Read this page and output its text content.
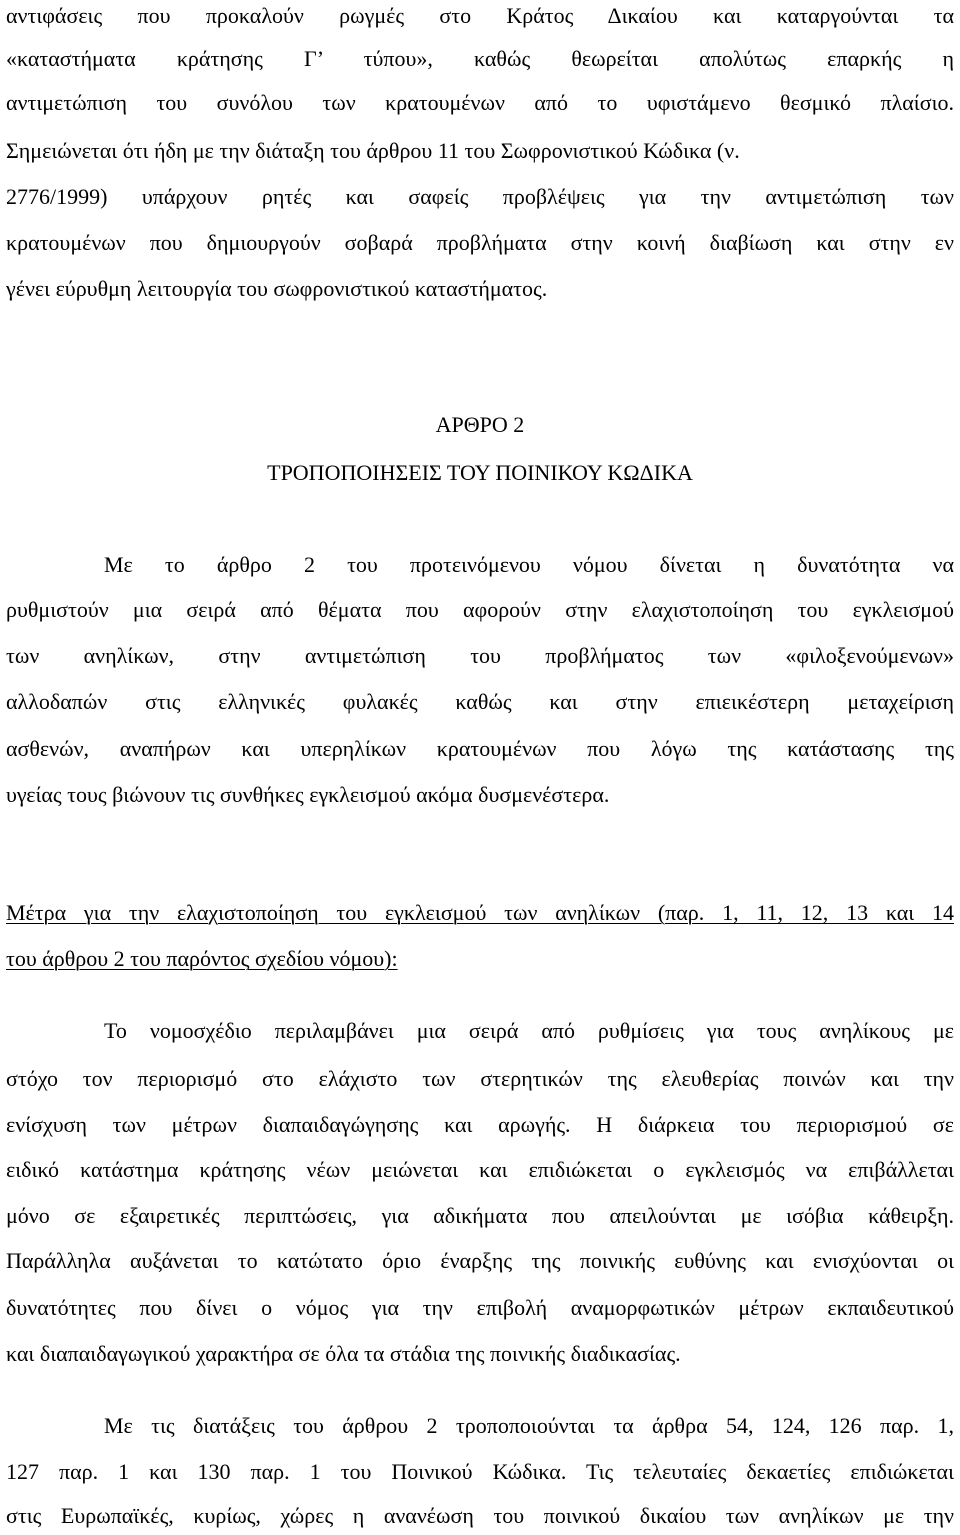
αντιφάσεις που προκαλούν ρωγμές στο Κράτος Δικαίου και καταργούνται τα
«καταστήματα κράτησης Γ’ τύπου», καθώς θεωρείται απολύτως επαρκής η
αντιμετώπιση του συνόλου των κρατουμένων από το υφιστάμενο θεσμικό πλαίσιο.
Σημειώνεται ότι ήδη με την διάταξη του άρθρου 11 του Σωφρονιστικού Κώδικα (ν.
2776/1999) υπάρχουν ρητές και σαφείς προβλέψεις για την αντιμετώπιση των
κρατουμένων που δημιουργούν σοβαρά προβλήματα στην κοινή διαβίωση και στην εν
γένει εύρυθμη λειτουργία του σωφρονιστικού καταστήματος.
ΑΡΘΡΟ 2
ΤΡΟΠΟΠΟΙΗΣΕΙΣ ΤΟΥ ΠΟΙΝΙΚΟΥ ΚΩΔΙΚΑ
Με το άρθρο 2 του προτεινόμενου νόμου δίνεται η δυνατότητα να
ρυθμιστούν μια σειρά από θέματα που αφορούν στην ελαχιστοποίηση του εγκλεισμού
των ανηλίκων, στην αντιμετώπιση του προβλήματος των «φιλοξενούμενων»
αλλοδαπών στις ελληνικές φυλακές καθώς και στην επιεικέστερη μεταχείριση
ασθενών, αναπήρων και υπερηλίκων κρατουμένων που λόγω της κατάστασης της
υγείας τους βιώνουν τις συνθήκες εγκλεισμού ακόμα δυσμενέστερα.
Μέτρα για την ελαχιστοποίηση του εγκλεισμού των ανηλίκων (παρ. 1, 11, 12, 13 και 14
του άρθρου 2 του παρόντος σχεδίου νόμου):
Το νομοσχέδιο περιλαμβάνει μια σειρά από ρυθμίσεις για τους ανηλίκους με
στόχο τον περιορισμό στο ελάχιστο των στερητικών της ελευθερίας ποινών και την
ενίσχυση των μέτρων διαπαιδαγώγησης και αρωγής. Η διάρκεια του περιορισμού σε
ειδικό κατάστημα κράτησης νέων μειώνεται και επιδιώκεται ο εγκλεισμός να επιβάλλεται
μόνο σε εξαιρετικές περιπτώσεις, για αδικήματα που απειλούνται με ισόβια κάθειρξη.
Παράλληλα αυξάνεται το κατώτατο όριο έναρξης της ποινικής ευθύνης και ενισχύονται οι
δυνατότητες που δίνει ο νόμος για την επιβολή αναμορφωτικών μέτρων εκπαιδευτικού
και διαπαιδαγωγικού χαρακτήρα σε όλα τα στάδια της ποινικής διαδικασίας.
Με τις διατάξεις του άρθρου 2 τροποποιούνται τα άρθρα 54, 124, 126 παρ. 1,
127 παρ. 1 και 130 παρ. 1 του Ποινικού Κώδικα. Τις τελευταίες δεκαετίες επιδιώκεται
στις Ευρωπαϊκές, κυρίως, χώρες η ανανέωση του ποινικού δικαίου των ανηλίκων με την
